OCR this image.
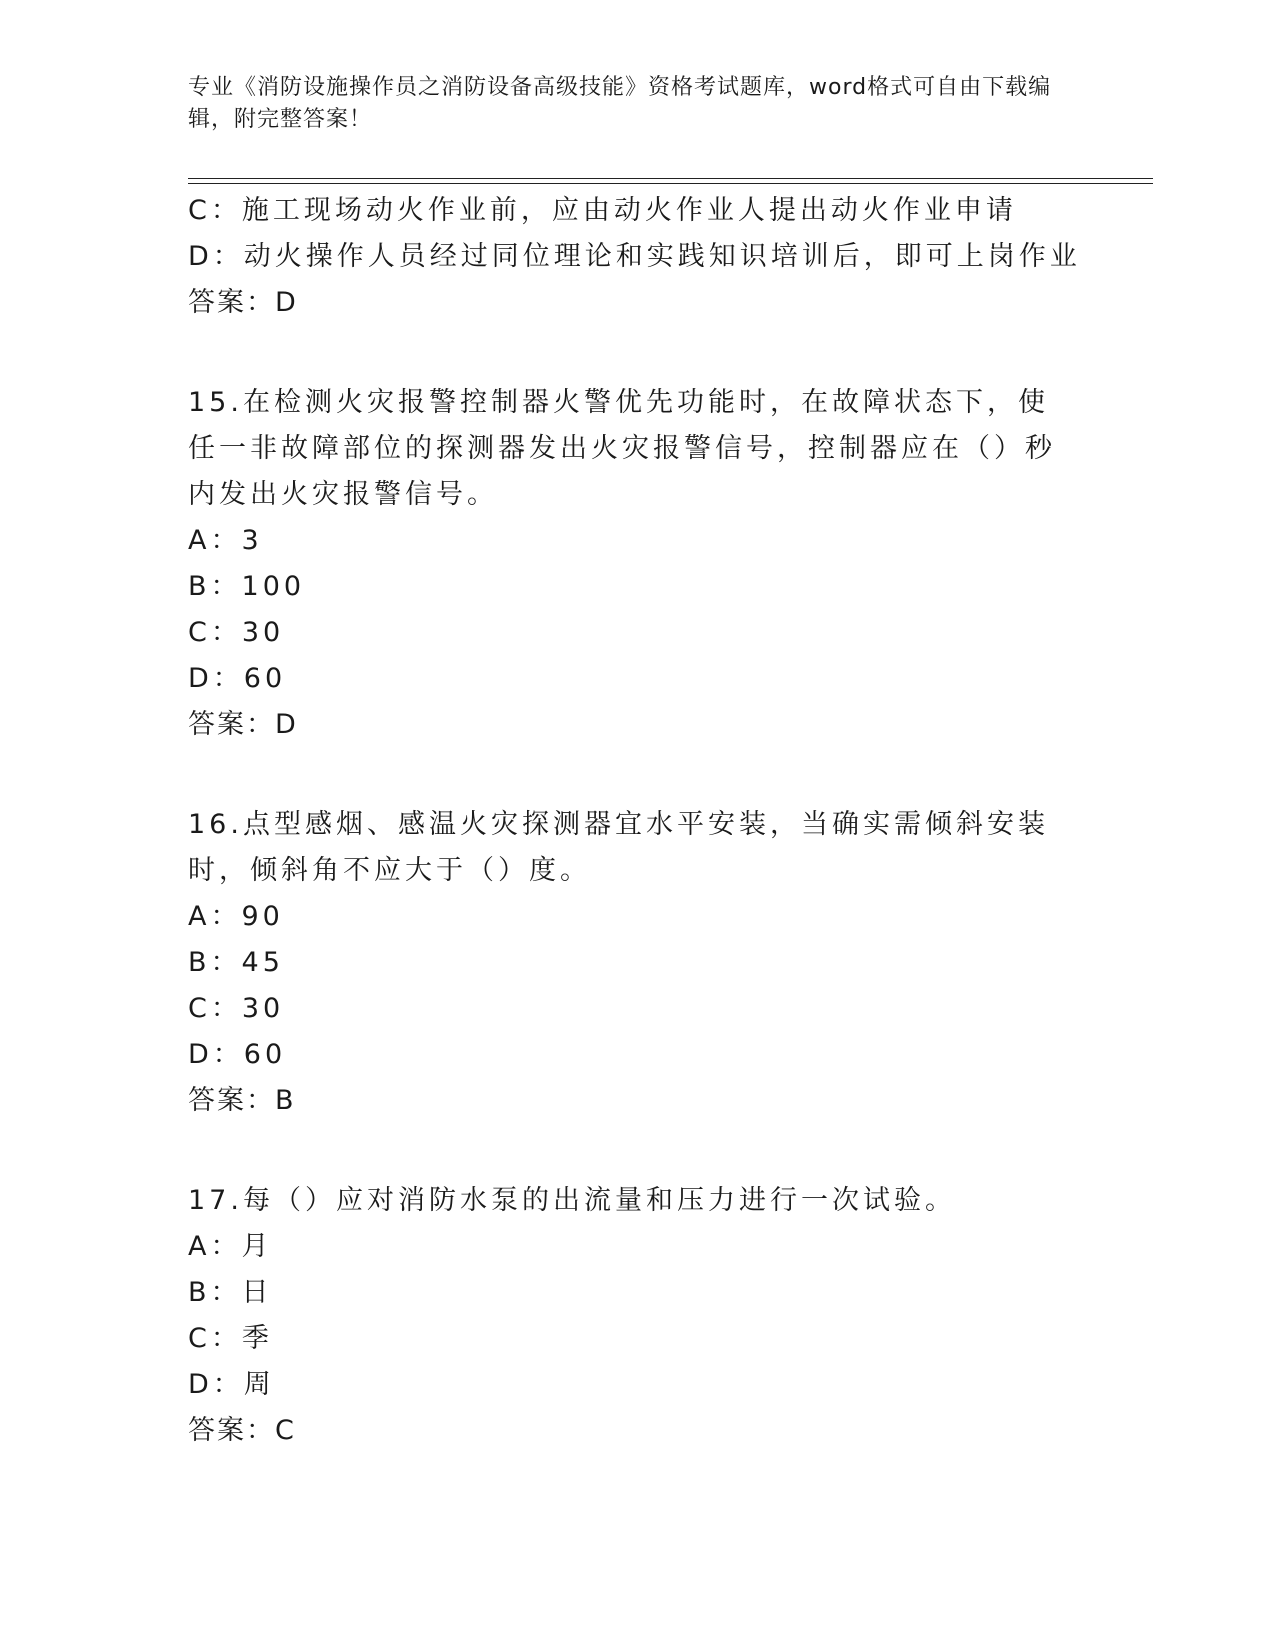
专业《消防设施操作员之消防设备高级技能》资格考试题库，word格式可自由下载编辑，附完整答案！

C：施工现场动火作业前，应由动火作业人提出动火作业申请

D：动火操作人员经过同位理论和实践知识培训后，即可上岗作业

答案：D

15.在检测火灾报警控制器火警优先功能时，在故障状态下，使任一非故障部位的探测器发出火灾报警信号，控制器应在（）秒内发出火灾报警信号。

A：3

B：100

C：30

D：60

答案：D

16.点型感烟、感温火灾探测器宜水平安装，当确实需倾斜安装时，倾斜角不应大于（）度。

A：90

B：45

C：30

D：60

答案：B

17.每（）应对消防水泵的出流量和压力进行一次试验。

A：月

B：日

C：季

D：周

答案：C
